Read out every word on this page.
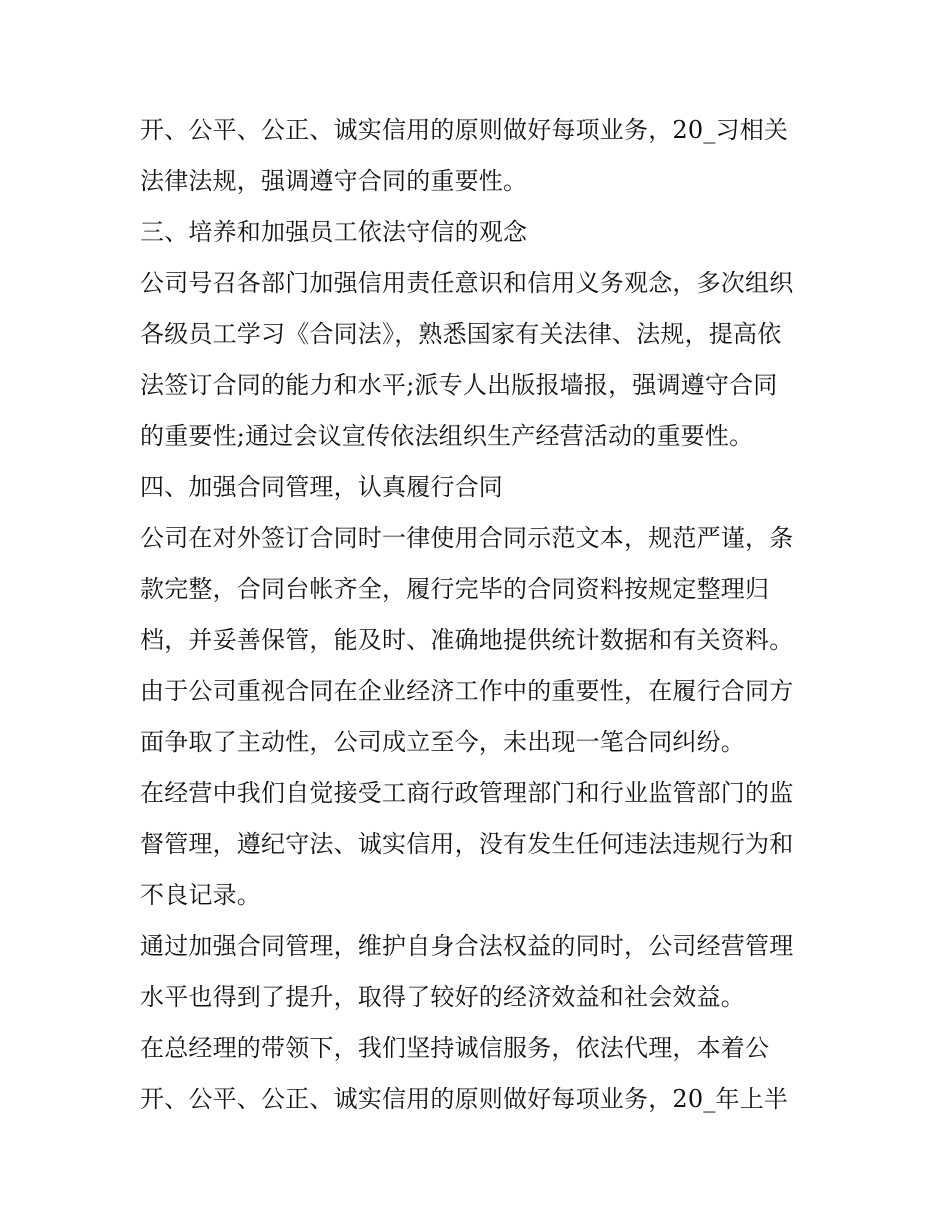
开、公平、公正、诚实信用的原则做好每项业务，20_习相关
法律法规，强调遵守合同的重要性。
三、培养和加强员工依法守信的观念
公司号召各部门加强信用责任意识和信用义务观念，多次组织
各级员工学习《合同法》，熟悉国家有关法律、法规，提高依
法签订合同的能力和水平;派专人出版报墙报，强调遵守合同
的重要性;通过会议宣传依法组织生产经营活动的重要性。
四、加强合同管理，认真履行合同
公司在对外签订合同时一律使用合同示范文本，规范严谨，条
款完整，合同台帐齐全，履行完毕的合同资料按规定整理归
档，并妥善保管，能及时、准确地提供统计数据和有关资料。
由于公司重视合同在企业经济工作中的重要性，在履行合同方
面争取了主动性，公司成立至今，未出现一笔合同纠纷。
在经营中我们自觉接受工商行政管理部门和行业监管部门的监
督管理，遵纪守法、诚实信用，没有发生任何违法违规行为和
不良记录。
通过加强合同管理，维护自身合法权益的同时，公司经营管理
水平也得到了提升，取得了较好的经济效益和社会效益。
在总经理的带领下，我们坚持诚信服务，依法代理，本着公
开、公平、公正、诚实信用的原则做好每项业务，20_年上半
